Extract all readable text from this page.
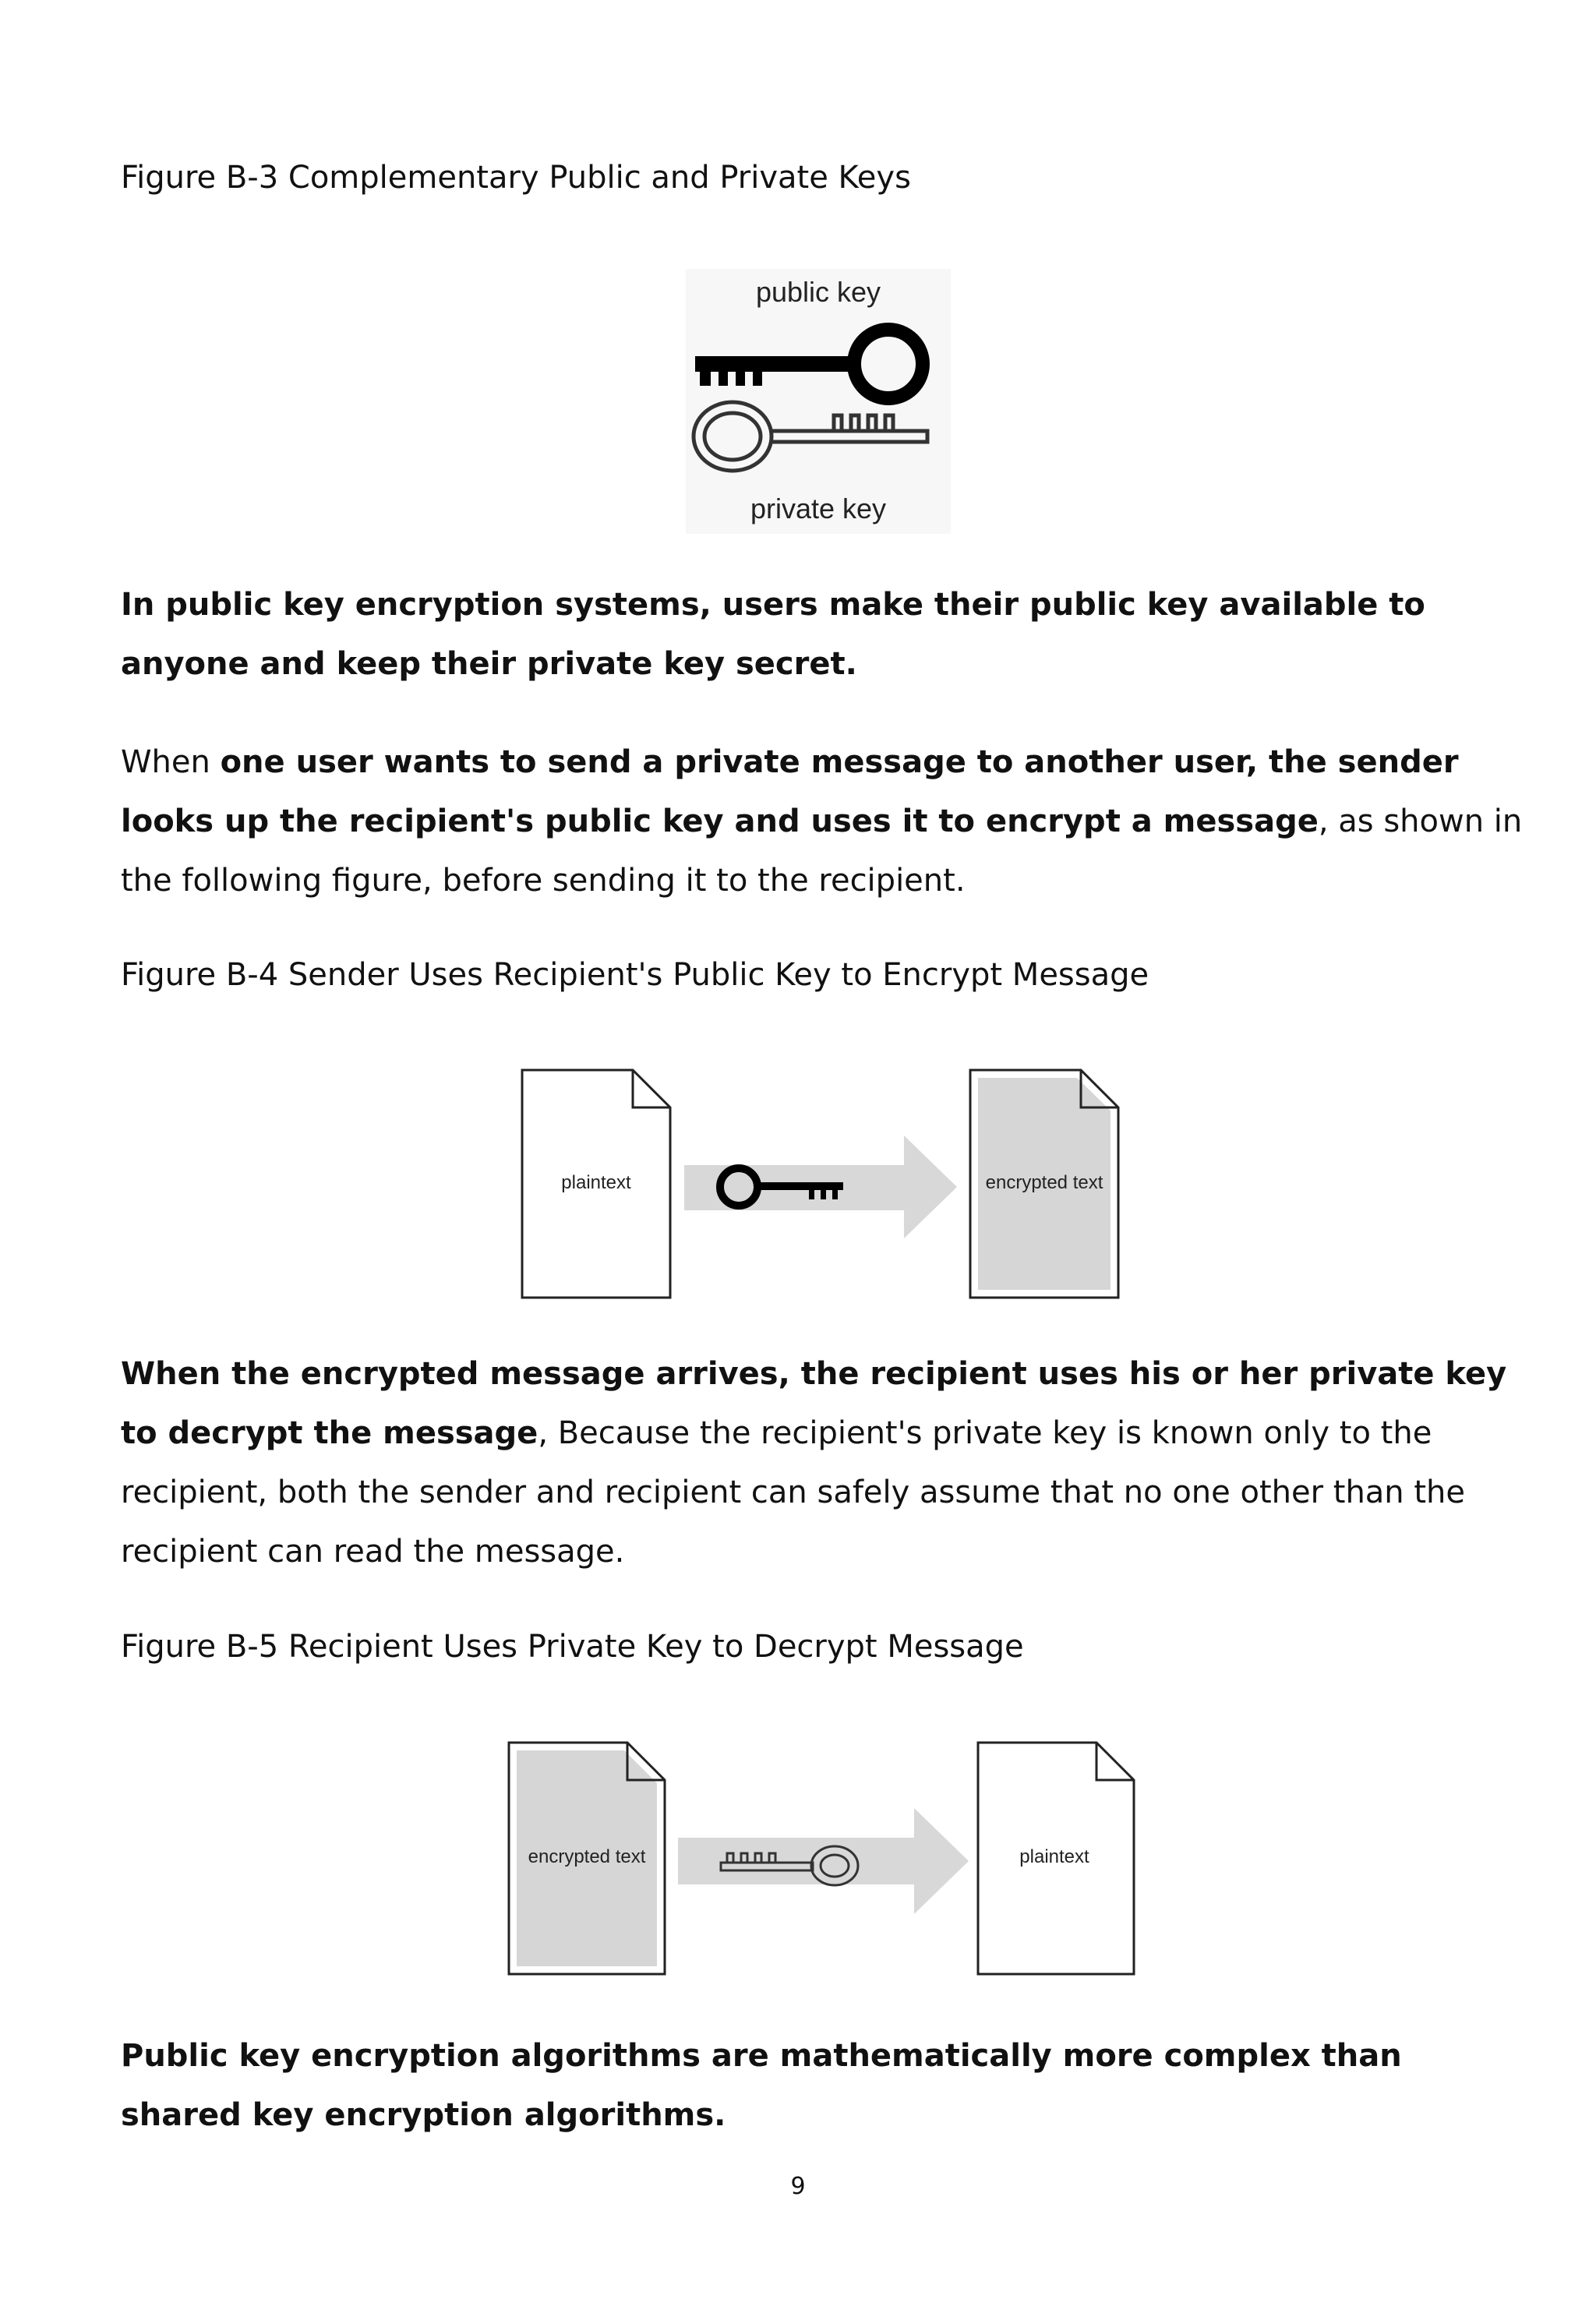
Figure B-3 Complementary Public and Private Keys

public key
private key

In public key encryption systems, users make their public key available to anyone and keep their private key secret.

When one user wants to send a private message to another user, the sender looks up the recipient's public key and uses it to encrypt a message, as shown in the following figure, before sending it to the recipient.

Figure B-4 Sender Uses Recipient's Public Key to Encrypt Message

plaintext	encrypted text

When the encrypted message arrives, the recipient uses his or her private key to decrypt the message, Because the recipient's private key is known only to the recipient, both the sender and recipient can safely assume that no one other than the recipient can read the message.

Figure B-5 Recipient Uses Private Key to Decrypt Message

encrypted text	plaintext

Public key encryption algorithms are mathematically more complex than shared key encryption algorithms.

9
